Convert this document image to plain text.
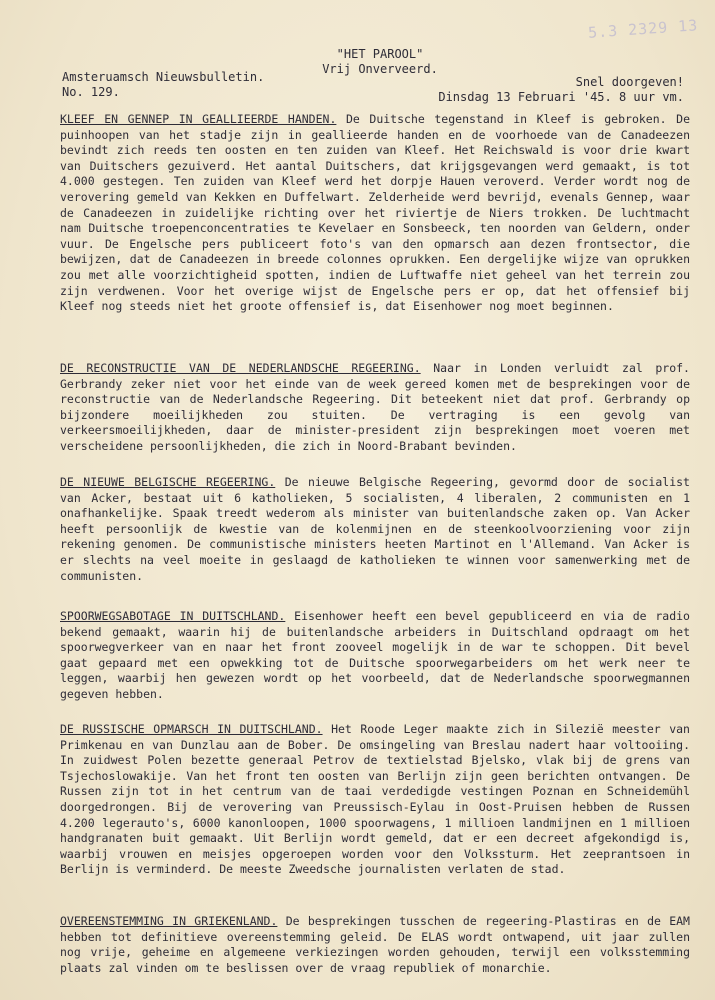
5.3 2329 13
"HET PAROOL"
Vrij Onverveerd.
Amsteruamsch Nieuwsbulletin.
No. 129.
Snel doorgeven!
Dinsdag 13 Februari '45. 8 uur vm.
KLEEF EN GENNEP IN GEALLIEERDE HANDEN. De Duitsche tegenstand in Kleef is gebroken. De puinhoopen van het stadje zijn in geallieerde handen en de voorhoede van de Canadeezen bevindt zich reeds ten oosten en ten zuiden van Kleef. Het Reichswald is voor drie kwart van Duitschers gezuiverd. Het aantal Duitschers, dat krijgsgevangen werd gemaakt, is tot 4.000 gestegen. Ten zuiden van Kleef werd het dorpje Hauen veroverd. Verder wordt nog de verovering gemeld van Kekken en Duffelwart. Zelderheide werd bevrijd, evenals Gennep, waar de Canadeezen in zuidelijke richting over het riviertje de Niers trokken. De luchtmacht nam Duitsche troepenconcentraties te Kevelaer en Sonsbeeck, ten noorden van Geldern, onder vuur. De Engelsche pers publiceert foto's van den opmarsch aan dezen frontsector, die bewijzen, dat de Canadeezen in breede colonnes oprukken. Een dergelijke wijze van oprukken zou met alle voorzichtigheid spotten, indien de Luftwaffe niet geheel van het terrein zou zijn verdwenen. Voor het overige wijst de Engelsche pers er op, dat het offensief bij Kleef nog steeds niet het groote offensief is, dat Eisenhower nog moet beginnen.
DE RECONSTRUCTIE VAN DE NEDERLANDSCHE REGEERING. Naar in Londen verluidt zal prof. Gerbrandy zeker niet voor het einde van de week gereed komen met de besprekingen voor de reconstructie van de Nederlandsche Regeering. Dit beteekent niet dat prof. Gerbrandy op bijzondere moeilijkheden zou stuiten. De vertraging is een gevolg van verkeersmoeilijkheden, daar de minister-president zijn besprekingen moet voeren met verscheidene persoonlijkheden, die zich in Noord-Brabant bevinden.
DE NIEUWE BELGISCHE REGEERING. De nieuwe Belgische Regeering, gevormd door de socialist van Acker, bestaat uit 6 katholieken, 5 socialisten, 4 liberalen, 2 communisten en 1 onafhankelijke. Spaak treedt wederom als minister van buitenlandsche zaken op. Van Acker heeft persoonlijk de kwestie van de kolenmijnen en de steenkoolvoorziening voor zijn rekening genomen. De communistische ministers heeten Martinot en l'Allemand. Van Acker is er slechts na veel moeite in geslaagd de katholieken te winnen voor samenwerking met de communisten.
SPOORWEGSABOTAGE IN DUITSCHLAND. Eisenhower heeft een bevel gepubliceerd en via de radio bekend gemaakt, waarin hij de buitenlandsche arbeiders in Duitschland opdraagt om het spoorwegverkeer van en naar het front zooveel mogelijk in de war te schoppen. Dit bevel gaat gepaard met een opwekking tot de Duitsche spoorwegarbeiders om het werk neer te leggen, waarbij hen gewezen wordt op het voorbeeld, dat de Nederlandsche spoorwegmannen gegeven hebben.
DE RUSSISCHE OPMARSCH IN DUITSCHLAND. Het Roode Leger maakte zich in Silezië meester van Primkenau en van Dunzlau aan de Bober. De omsingeling van Breslau nadert haar voltooiing. In zuidwest Polen bezette generaal Petrov de textielstad Bjelsko, vlak bij de grens van Tsjechoslowakije. Van het front ten oosten van Berlijn zijn geen berichten ontvangen. De Russen zijn tot in het centrum van de taai verdedigde vestingen Poznan en Schneidemühl doorgedrongen. Bij de verovering van Preussisch-Eylau in Oost-Pruisen hebben de Russen 4.200 legerauto's, 6000 kanonloopen, 1000 spoorwagens, 1 millioen landmijnen en 1 millioen handgranaten buit gemaakt. Uit Berlijn wordt gemeld, dat er een decreet afgekondigd is, waarbij vrouwen en meisjes opgeroepen worden voor den Volkssturm. Het zeeprantsoen in Berlijn is verminderd. De meeste Zweedsche journalisten verlaten de stad.
OVEREENSTEMMING IN GRIEKENLAND. De besprekingen tusschen de regeering-Plastiras en de EAM hebben tot definitieve overeenstemming geleid. De ELAS wordt ontwapend, uit jaar zullen nog vrije, geheime en algemeene verkiezingen worden gehouden, terwijl een volksstemming plaats zal vinden om te beslissen over de vraag republiek of monarchie.
